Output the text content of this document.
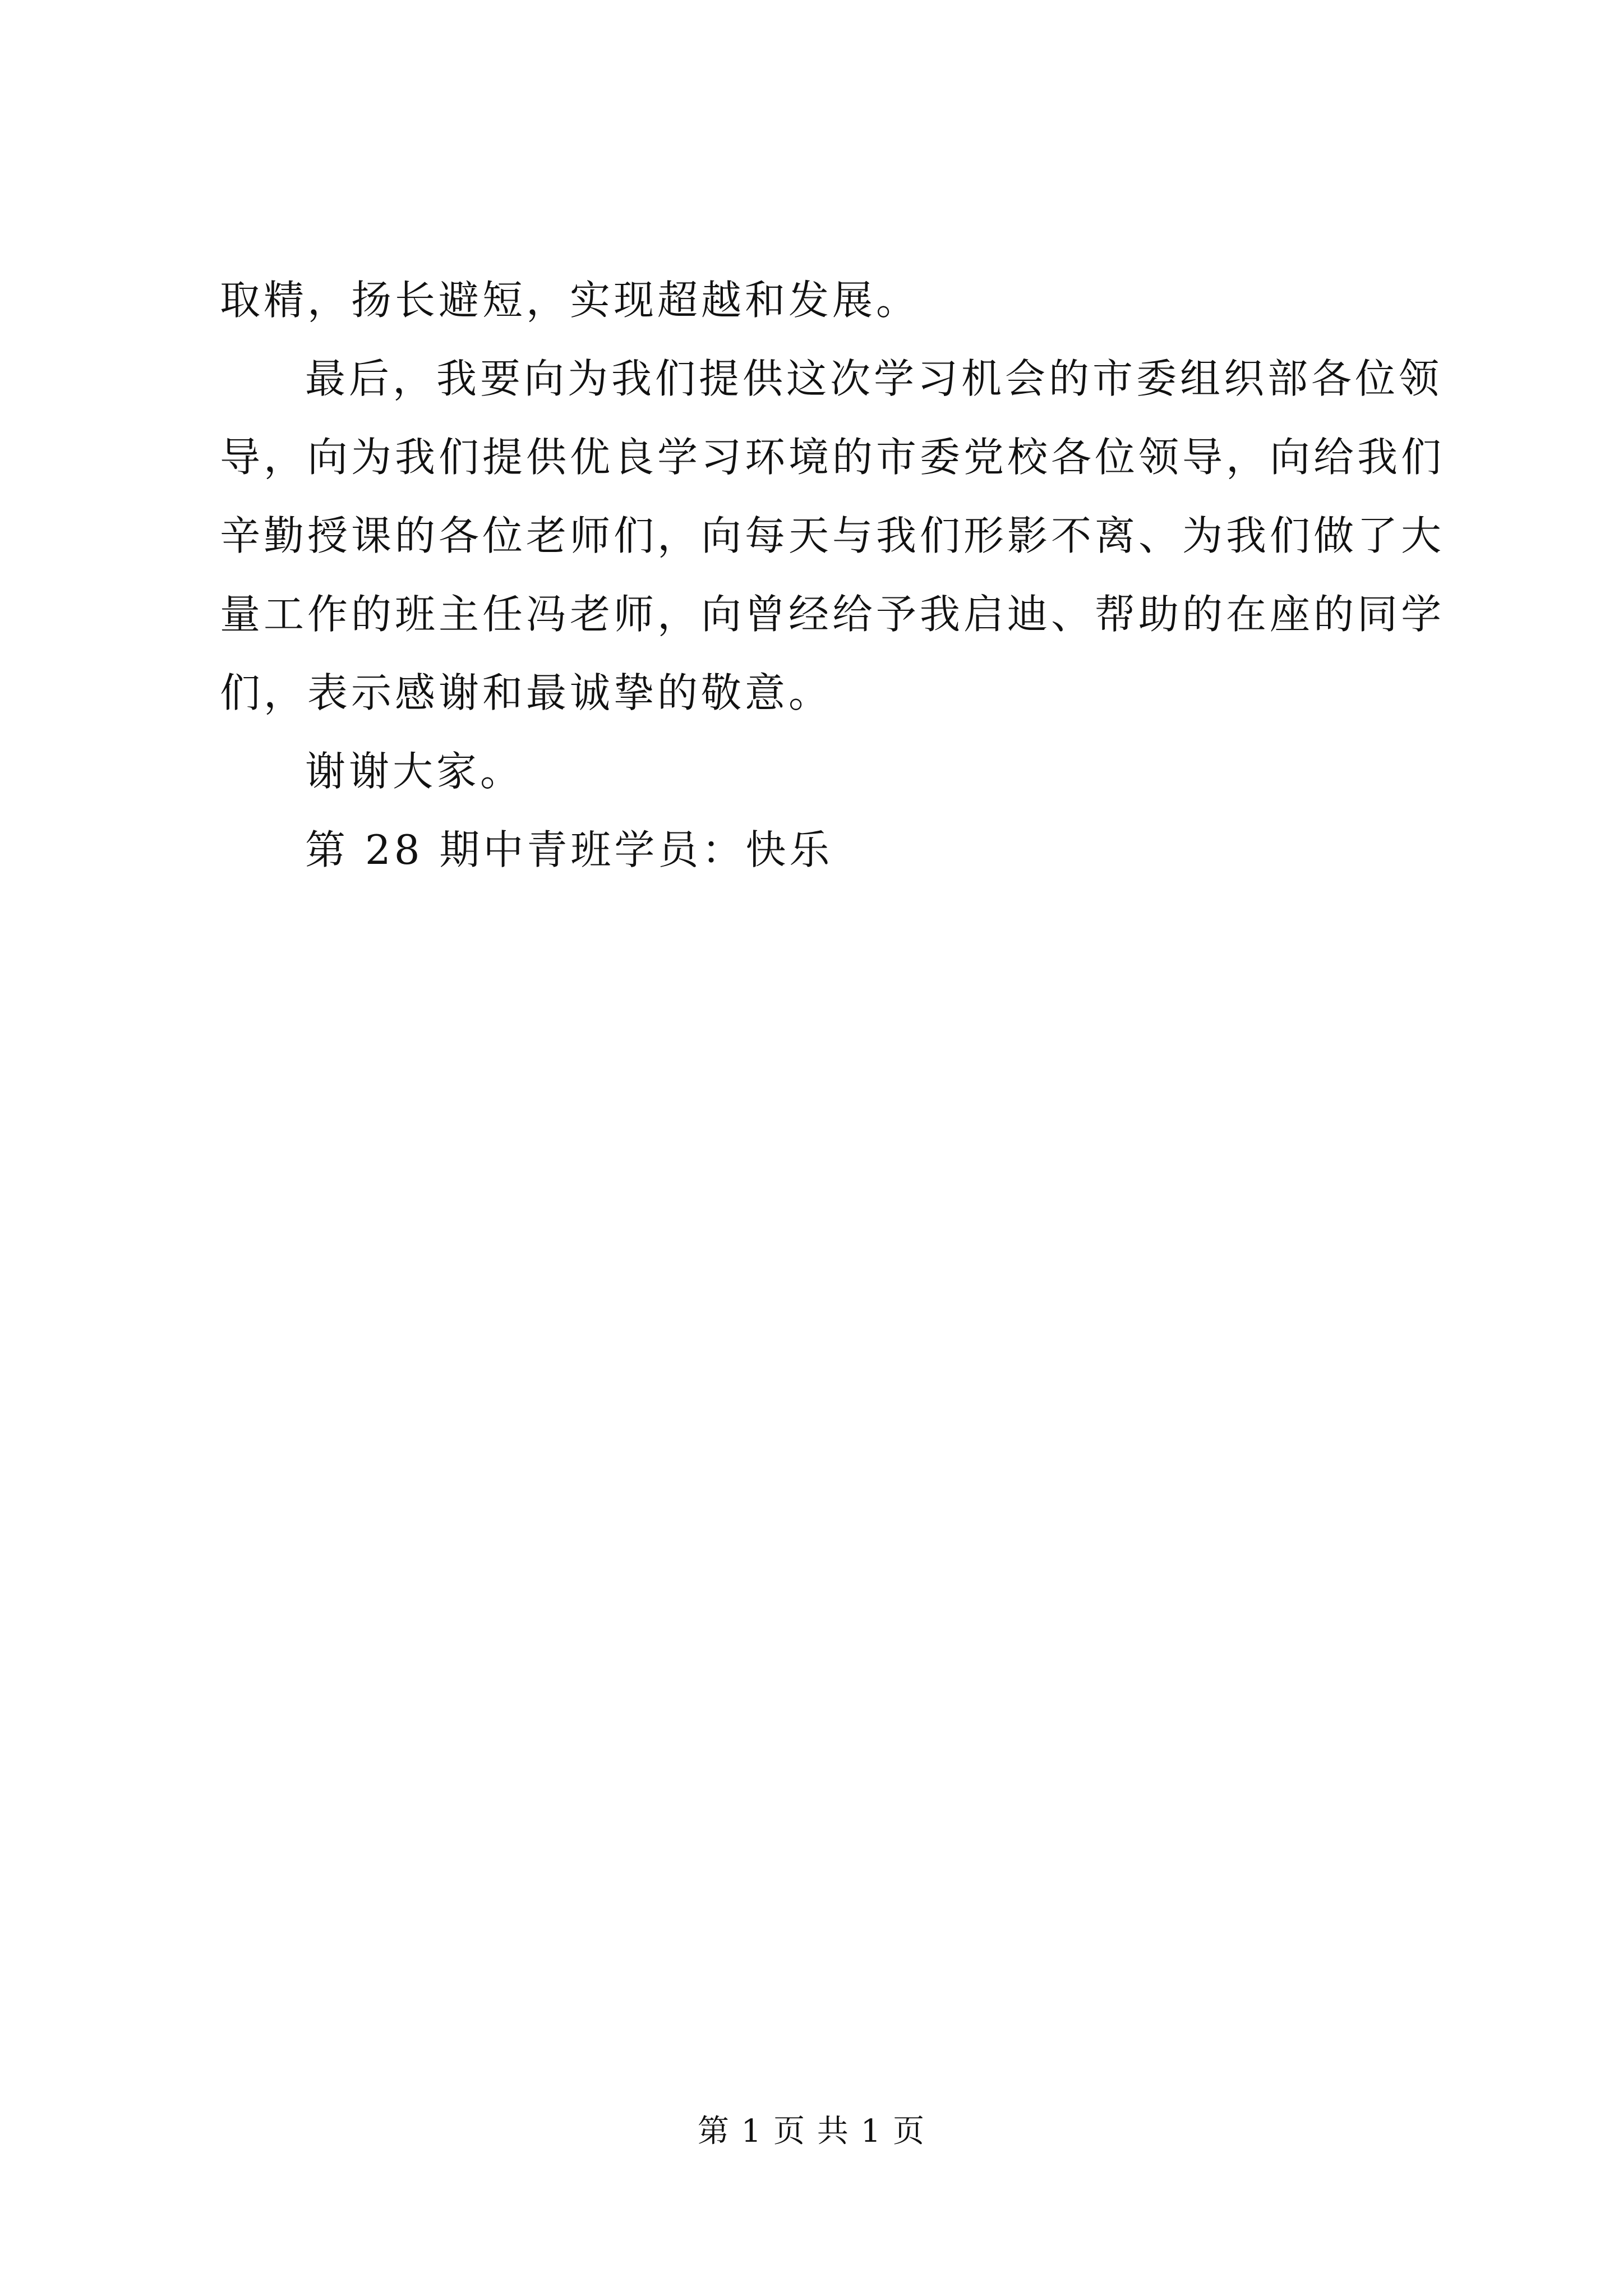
取精，扬长避短，实现超越和发展。
最后，我要向为我们提供这次学习机会的市委组织部各位领
导，向为我们提供优良学习环境的市委党校各位领导，向给我们
辛勤授课的各位老师们，向每天与我们形影不离、为我们做了大
量工作的班主任冯老师，向曾经给予我启迪、帮助的在座的同学
们，表示感谢和最诚挚的敬意。
谢谢大家。
第 28 期中青班学员：快乐
第 1 页 共 1 页
